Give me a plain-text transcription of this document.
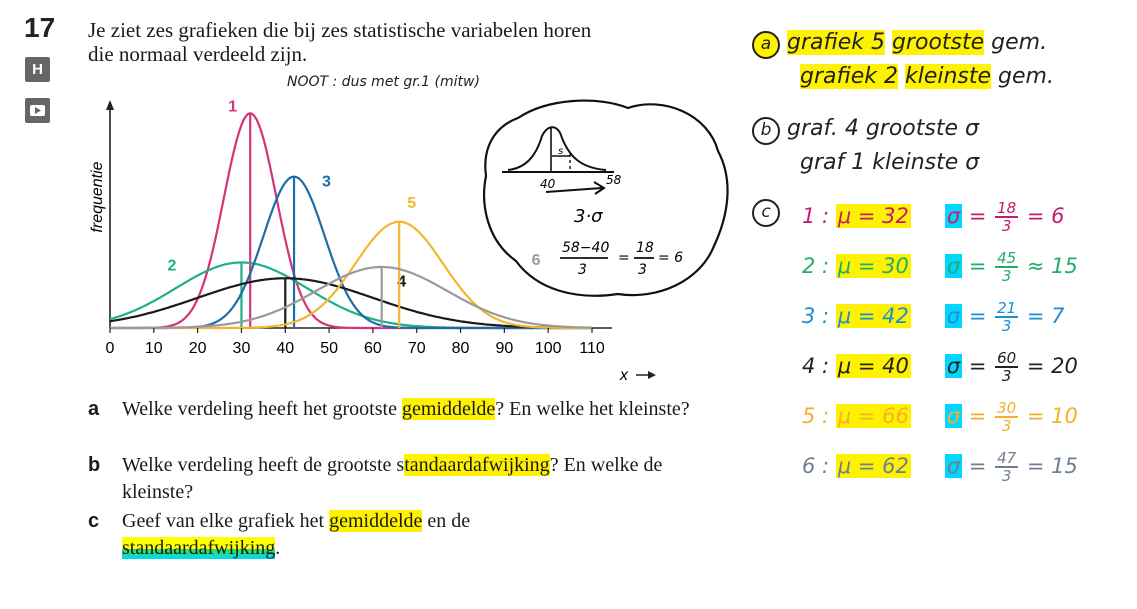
17
H
Je ziet zes grafieken die bij zes statistische variabelen horen
die normaal verdeeld zijn.
NOOT : dus met gr.1 (mitw)
1
2
3
4
5
6
0 10 20 30 40 50 60 70 80 90 100 110
frequentie
x
40	58
s
3·σ
58−40
3
=
18
3
= 6
a Welke verdeling heeft het grootste gemiddelde? En welke het kleinste?
b Welke verdeling heeft de grootste standaardafwijking? En welke de kleinste?
c Geef van elke grafiek het gemiddelde en de
standaardafwijking.
a grafiek 5 grootste gem.
grafiek 2 kleinste gem.
b graf. 4 grootste σ
graf 1 kleinste σ
c	1 : μ = 32 $\sigma = \frac{18}{3} = 6$
2 : μ = 30 $\sigma = \frac{45}{3} \approx 15$
3 : μ = 42 $\sigma = \frac{21}{3} = 7$
4 : μ = 40 $\sigma = \frac{60}{3} = 20$
5 : μ = 66 $\sigma = \frac{30}{3} = 10$
6 : μ = 62 $\sigma = \frac{47}{3} = 15$
